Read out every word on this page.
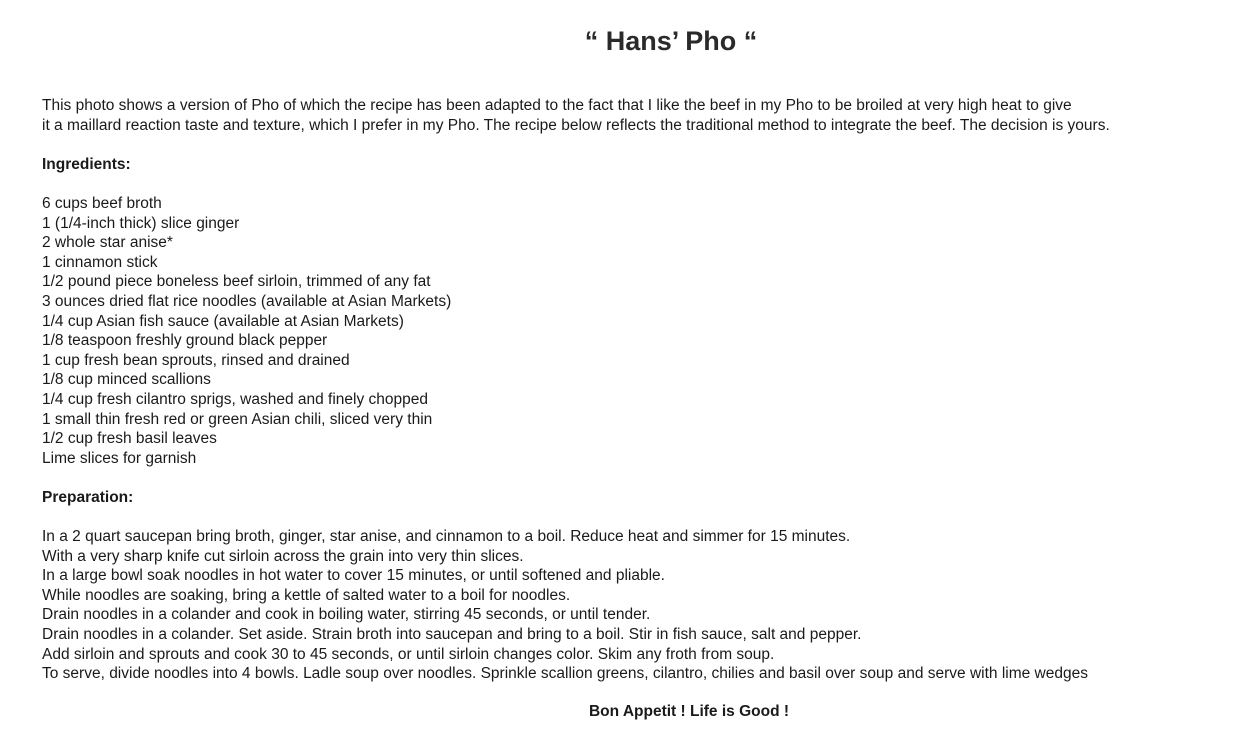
“ Hans’ Pho “

This photo shows a version of Pho of which the recipe has been adapted to the fact that I like the beef in my Pho to be broiled at very high heat to give

it a maillard reaction taste and texture, which I prefer in my Pho. The recipe below reflects the traditional method to integrate the beef. The decision is yours.

Ingredients:

6 cups beef broth
1 (1/4-inch thick) slice ginger
2 whole star anise*
1 cinnamon stick
1/2 pound piece boneless beef sirloin, trimmed of any fat
3 ounces dried flat rice noodles (available at Asian Markets)
1/4 cup Asian fish sauce (available at Asian Markets)
1/8 teaspoon freshly ground black pepper
1 cup fresh bean sprouts, rinsed and drained
1/8 cup minced scallions
1/4 cup fresh cilantro sprigs, washed and finely chopped
1 small thin fresh red or green Asian chili, sliced very thin
1/2 cup fresh basil leaves
Lime slices for garnish

Preparation:

In a 2 quart saucepan bring broth, ginger, star anise, and cinnamon to a boil. Reduce heat and simmer for 15 minutes.
With a very sharp knife cut sirloin across the grain into very thin slices.
In a large bowl soak noodles in hot water to cover 15 minutes, or until softened and pliable.
While noodles are soaking, bring a kettle of salted water to a boil for noodles.
Drain noodles in a colander and cook in boiling water, stirring 45 seconds, or until tender.
Drain noodles in a colander. Set aside. Strain broth into saucepan and bring to a boil. Stir in fish sauce, salt and pepper.
Add sirloin and sprouts and cook 30 to 45 seconds, or until sirloin changes color. Skim any froth from soup.
To serve, divide noodles into 4 bowls. Ladle soup over noodles. Sprinkle scallion greens, cilantro, chilies and basil over soup and serve with lime wedges

Bon Appetit ! Life is Good !
